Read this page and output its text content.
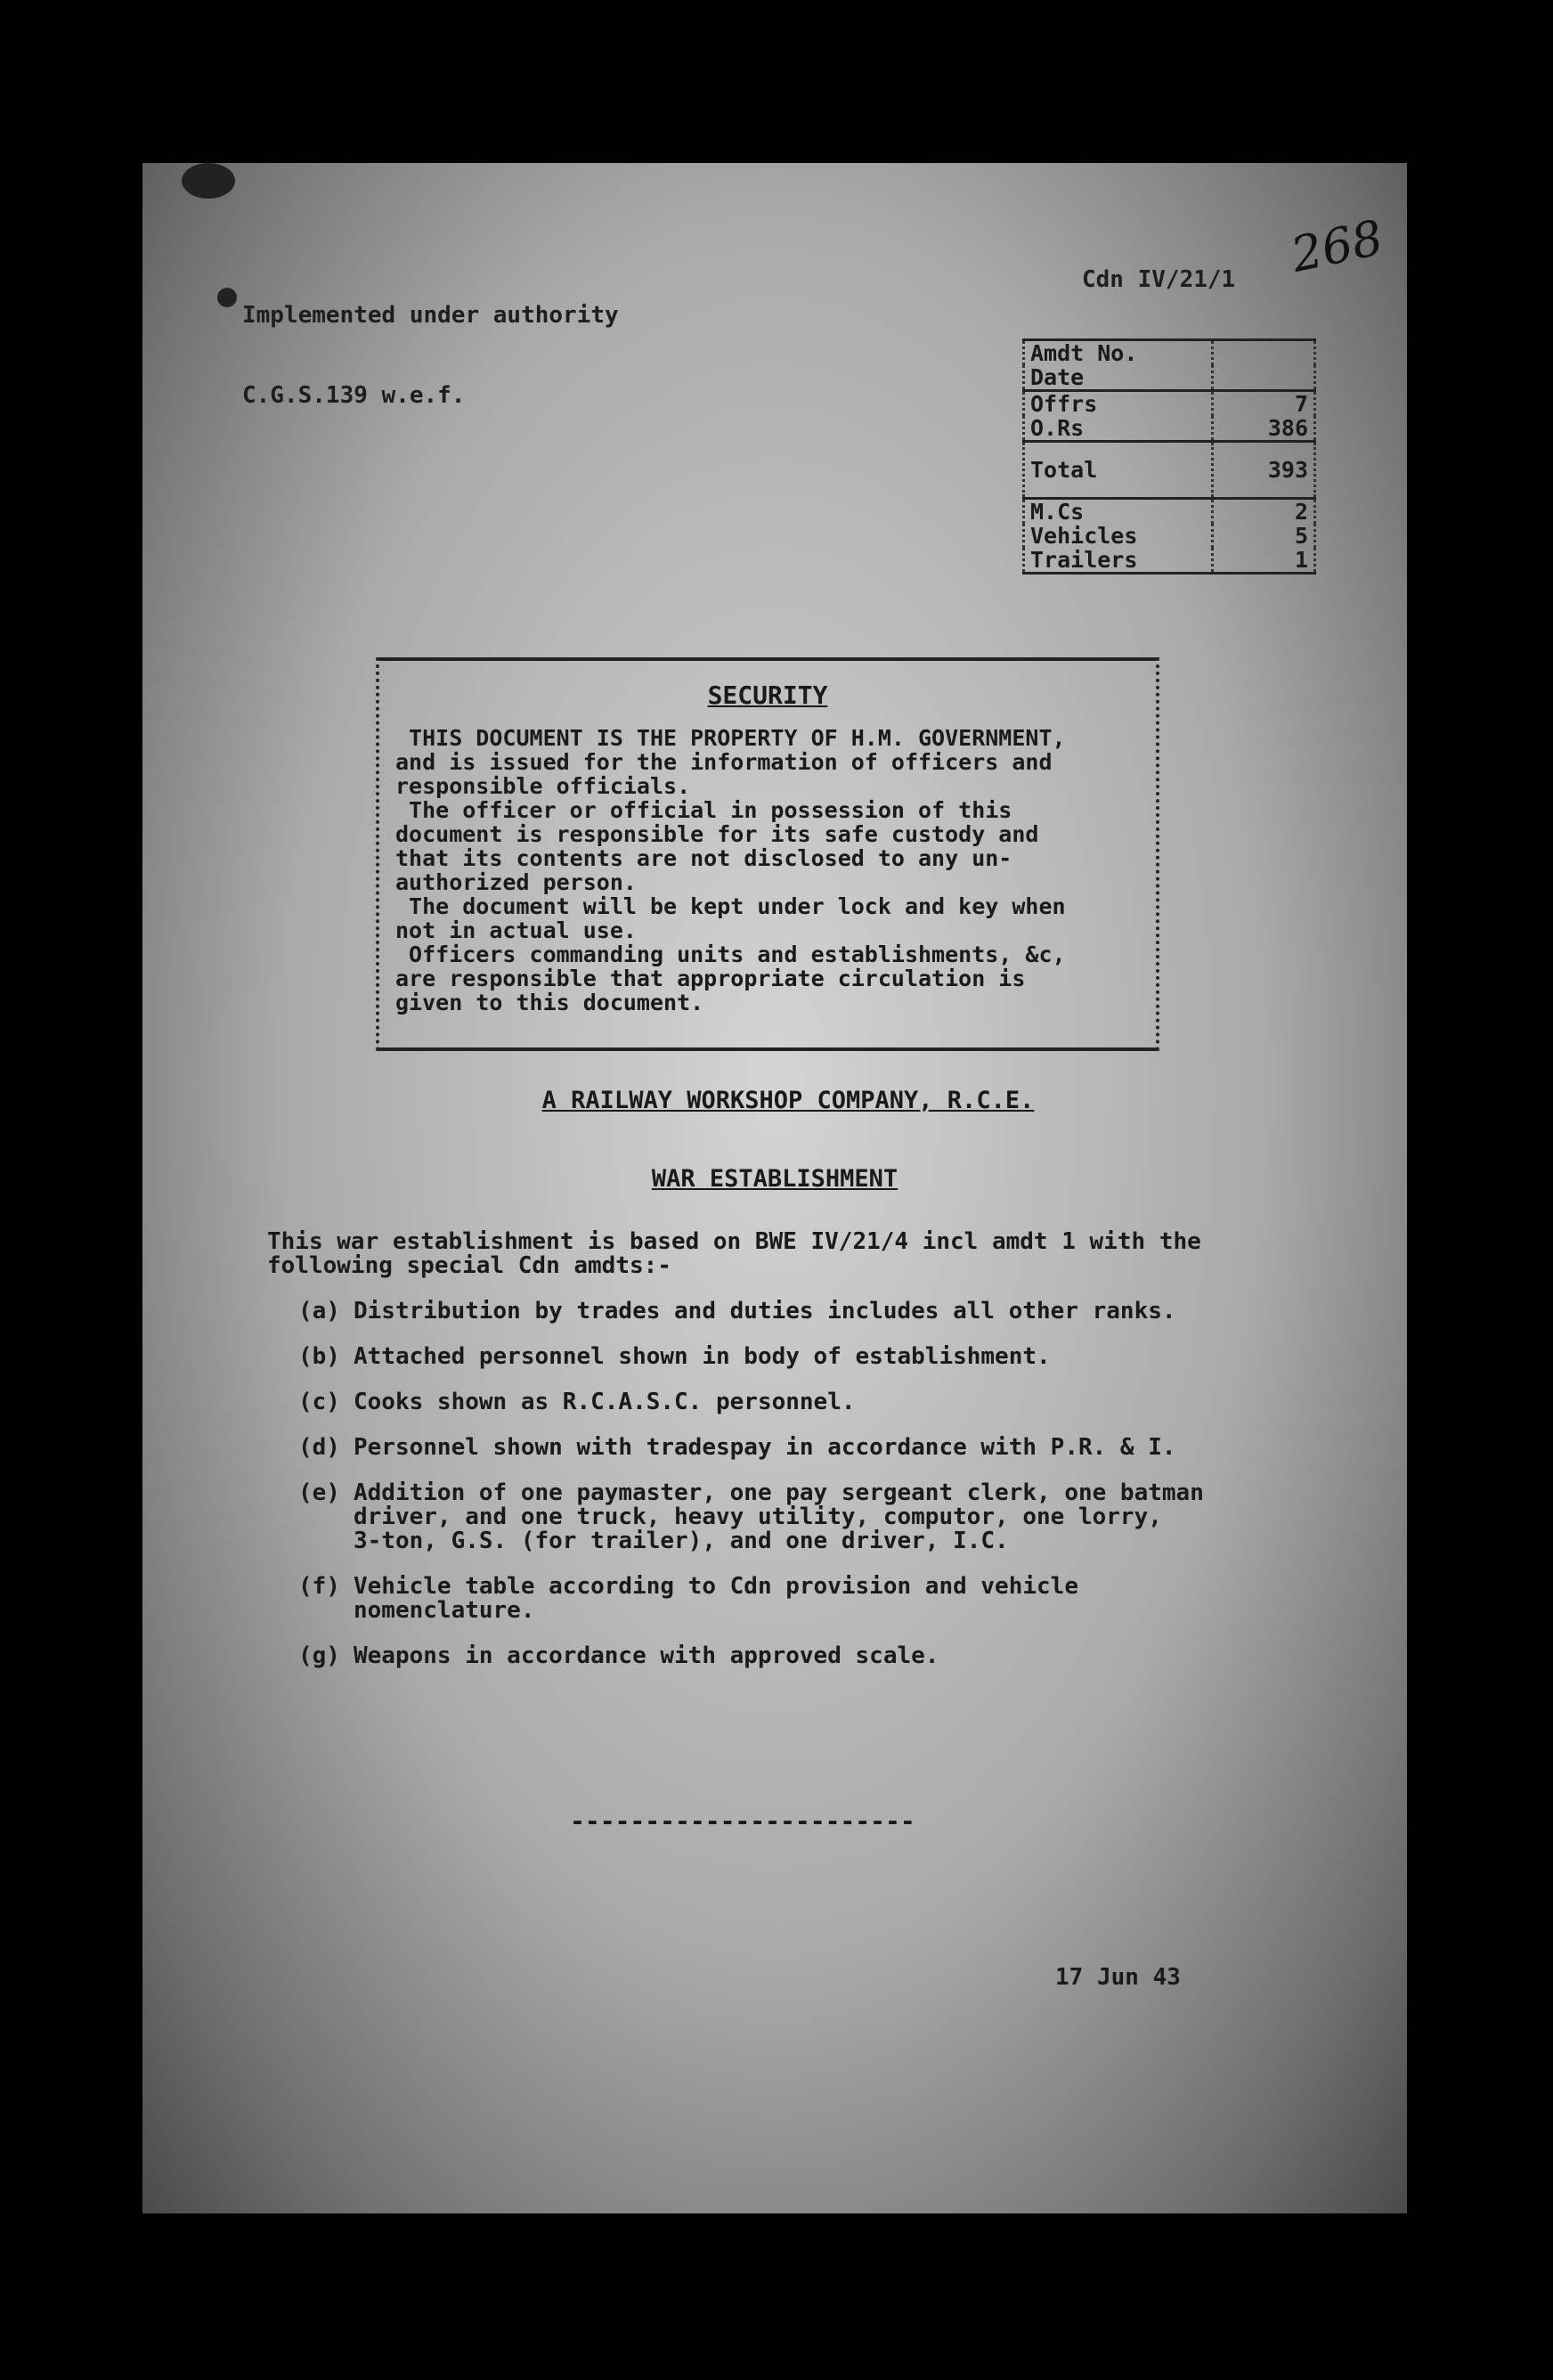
Implemented under authority

C.G.S.139 w.e.f.

Cdn IV/21/1 268
Amdt No.	
Date	
Offrs	7
O.Rs	386
Total	393
M.Cs	2
Vehicles	5
Trailers	1
SECURITY

THIS DOCUMENT IS THE PROPERTY OF H.M. GOVERNMENT,

and is issued for the information of officers and

responsible officials.

The officer or official in possession of this

document is responsible for its safe custody and

that its contents are not disclosed to any un-

authorized person.

The document will be kept under lock and key when

not in actual use.

Officers commanding units and establishments, &c,

are responsible that appropriate circulation is

given to this document.

A RAILWAY WORKSHOP COMPANY, R.C.E.
WAR ESTABLISHMENT
This war establishment is based on BWE IV/21/4 incl amdt 1 with the
following special Cdn amdts:-
(a) Distribution by trades and duties includes all other ranks.
(b) Attached personnel shown in body of establishment.
(c) Cooks shown as R.C.A.S.C. personnel.
(d) Personnel shown with tradespay in accordance with P.R. & I.
(e) Addition of one paymaster, one pay sergeant clerk, one batman
driver, and one truck, heavy utility, computor, one lorry,
3-ton, G.S. (for trailer), and one driver, I.C.
(f) Vehicle table according to Cdn provision and vehicle
nomenclature.
(g) Weapons in accordance with approved scale.
-----------------------
17 Jun 43
